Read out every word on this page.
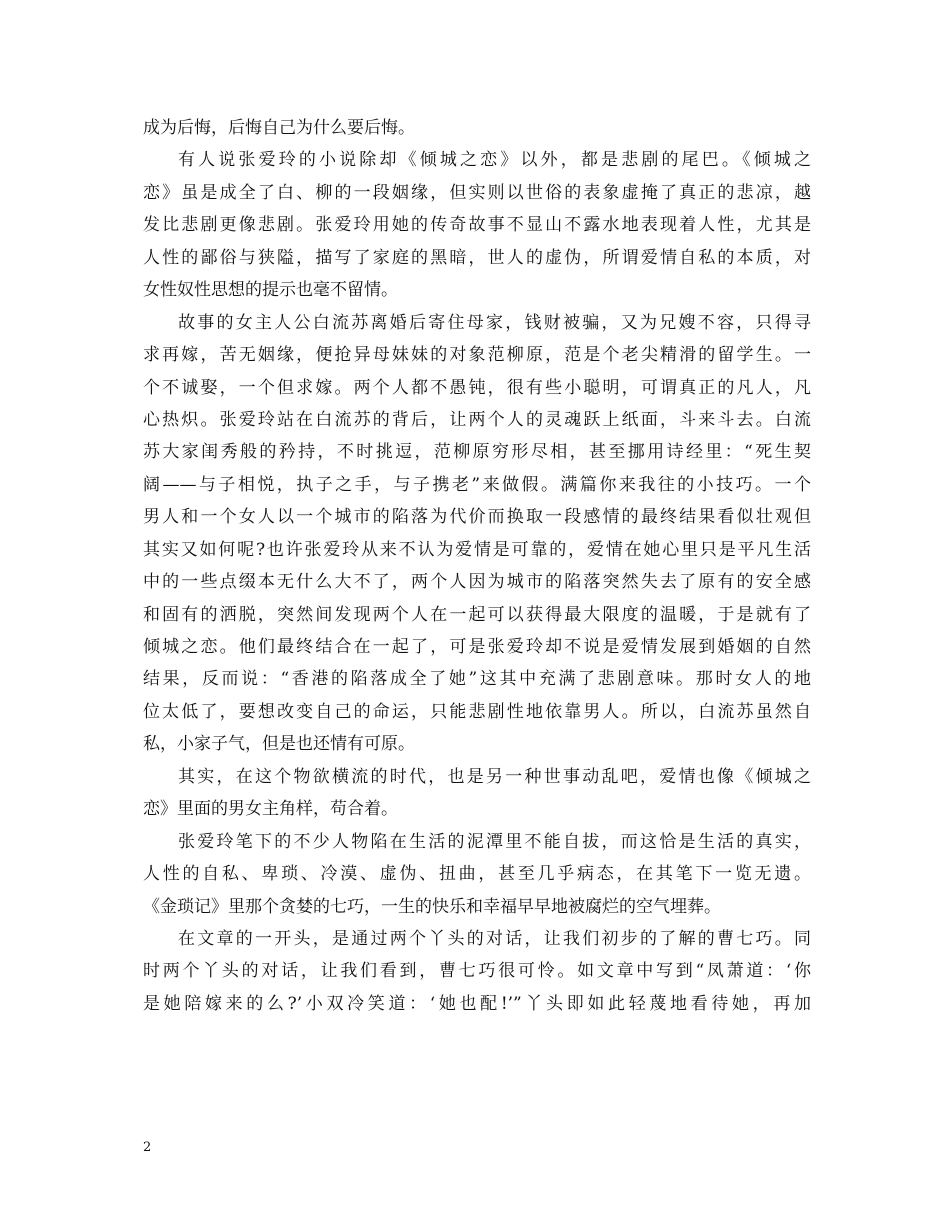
成为后悔，后悔自己为什么要后悔。
有人说张爱玲的小说除却《倾城之恋》以外，都是悲剧的尾巴。《倾城之
恋》虽是成全了白、柳的一段姻缘，但实则以世俗的表象虚掩了真正的悲凉，越
发比悲剧更像悲剧。张爱玲用她的传奇故事不显山不露水地表现着人性，尤其是
人性的鄙俗与狭隘，描写了家庭的黑暗，世人的虚伪，所谓爱情自私的本质，对
女性奴性思想的提示也毫不留情。
故事的女主人公白流苏离婚后寄住母家，钱财被骗，又为兄嫂不容，只得寻
求再嫁，苦无姻缘，便抢异母妹妹的对象范柳原，范是个老尖精滑的留学生。一
个不诚娶，一个但求嫁。两个人都不愚钝，很有些小聪明，可谓真正的凡人，凡
心热炽。张爱玲站在白流苏的背后，让两个人的灵魂跃上纸面，斗来斗去。白流
苏大家闺秀般的矜持，不时挑逗，范柳原穷形尽相，甚至挪用诗经里：“死生契
阔——与子相悦，执子之手，与子携老”来做假。满篇你来我往的小技巧。一个
男人和一个女人以一个城市的陷落为代价而换取一段感情的最终结果看似壮观但
其实又如何呢?也许张爱玲从来不认为爱情是可靠的，爱情在她心里只是平凡生活
中的一些点缀本无什么大不了，两个人因为城市的陷落突然失去了原有的安全感
和固有的洒脱，突然间发现两个人在一起可以获得最大限度的温暖，于是就有了
倾城之恋。他们最终结合在一起了，可是张爱玲却不说是爱情发展到婚姻的自然
结果，反而说：“香港的陷落成全了她”这其中充满了悲剧意味。那时女人的地
位太低了，要想改变自己的命运，只能悲剧性地依靠男人。所以，白流苏虽然自
私，小家子气，但是也还情有可原。
其实，在这个物欲横流的时代，也是另一种世事动乱吧，爱情也像《倾城之
恋》里面的男女主角样，苟合着。
张爱玲笔下的不少人物陷在生活的泥潭里不能自拔，而这恰是生活的真实，
人性的自私、卑琐、冷漠、虚伪、扭曲，甚至几乎病态，在其笔下一览无遗。
《金琐记》里那个贪婪的七巧，一生的快乐和幸福早早地被腐烂的空气埋葬。
在文章的一开头，是通过两个丫头的对话，让我们初步的了解的曹七巧。同
时两个丫头的对话，让我们看到，曹七巧很可怜。如文章中写到“凤萧道：‘你
是她陪嫁来的么?’小双冷笑道：‘她也配!’”丫头即如此轻蔑地看待她，再加
2
